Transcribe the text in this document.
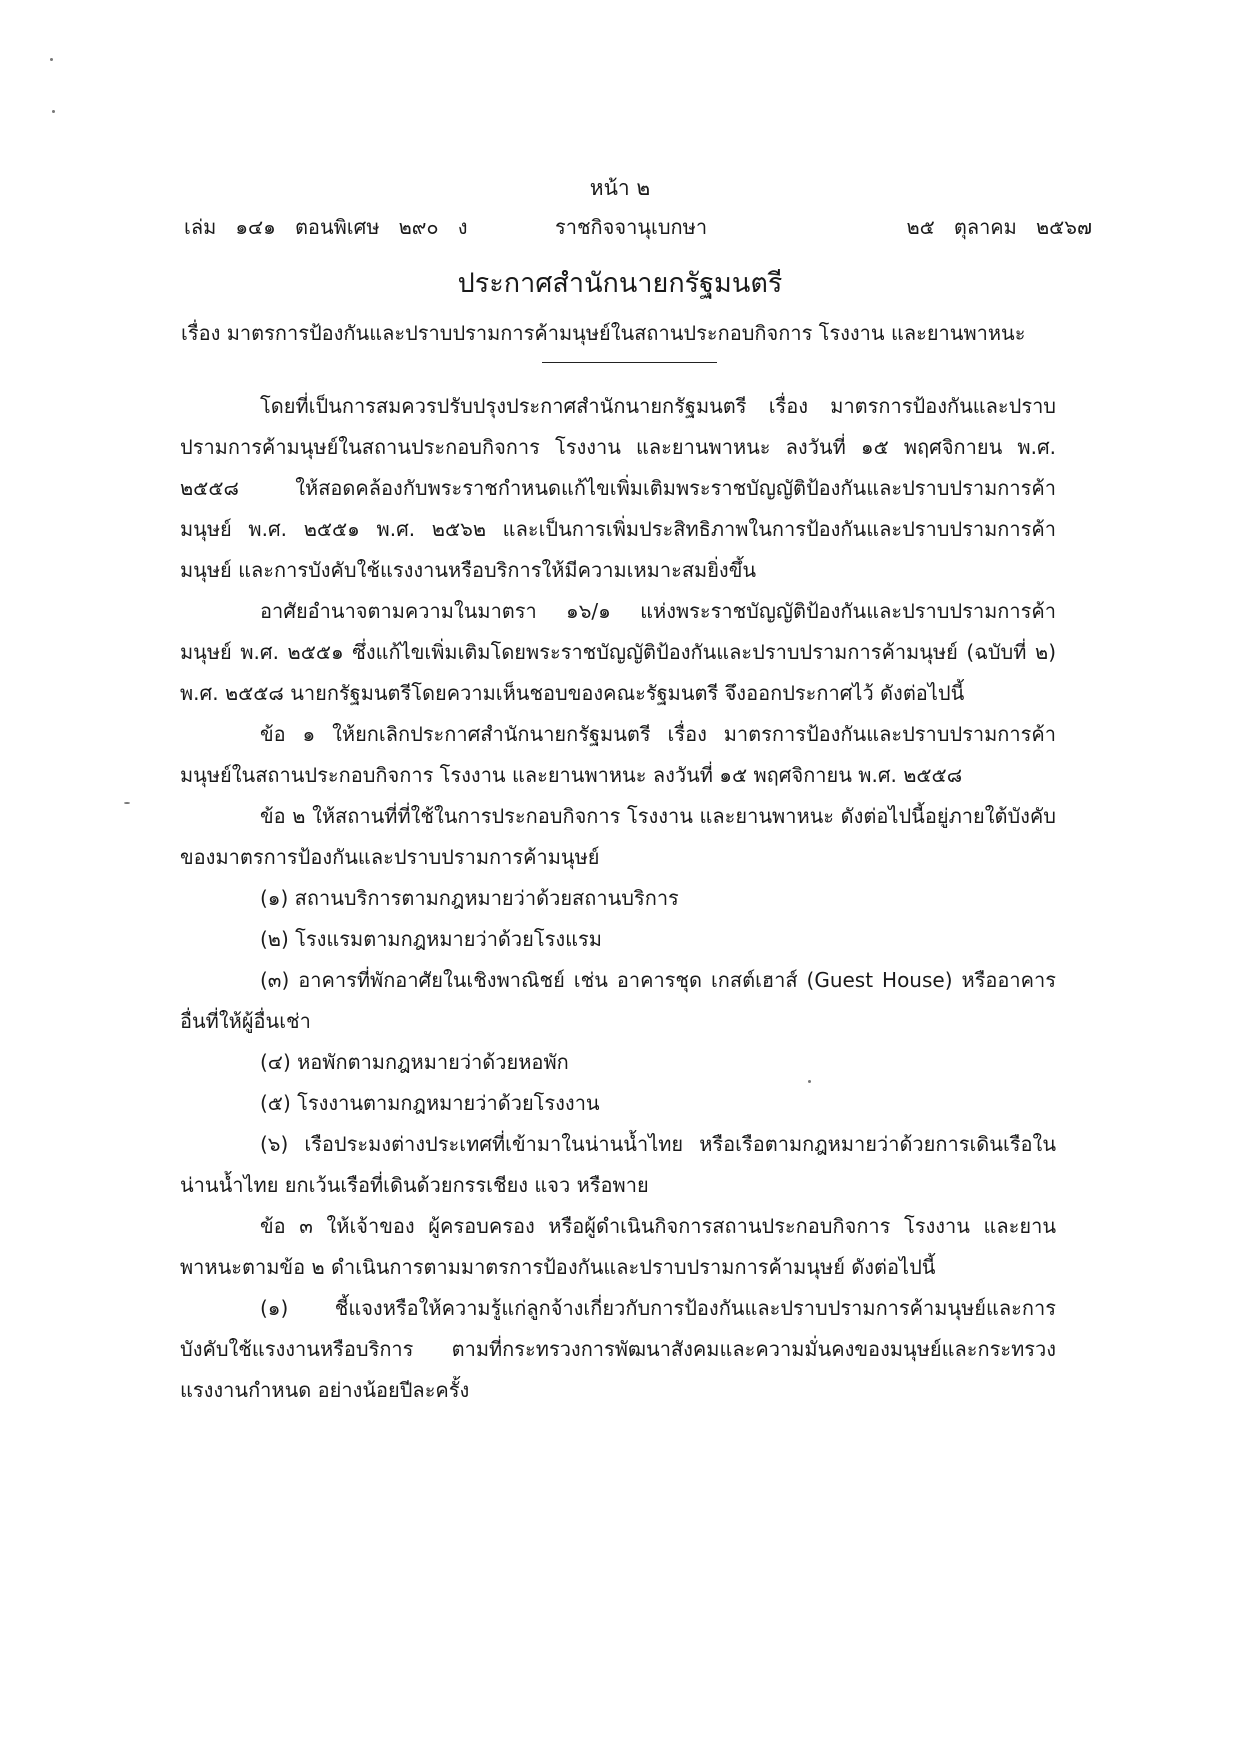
หน้า ๒
เล่ม   ๑๔๑   ตอนพิเศษ   ๒๙๐   ง	ราชกิจจานุเบกษา	๒๕   ตุลาคม   ๒๕๖๗
ประกาศสำนักนายกรัฐมนตรี
เรื่อง มาตรการป้องกันและปราบปรามการค้ามนุษย์ในสถานประกอบกิจการ โรงงาน และยานพาหนะ

โดยที่เป็นการสมควรปรับปรุงประกาศสำนักนายกรัฐมนตรี เรื่อง มาตรการป้องกันและปราบปรามการค้ามนุษย์ในสถานประกอบกิจการ โรงงาน และยานพาหนะ ลงวันที่ ๑๕ พฤศจิกายน พ.ศ. ๒๕๕๘ ให้สอดคล้องกับพระราชกำหนดแก้ไขเพิ่มเติมพระราชบัญญัติป้องกันและปราบปรามการค้ามนุษย์ พ.ศ. ๒๕๕๑ พ.ศ. ๒๕๖๒ และเป็นการเพิ่มประสิทธิภาพในการป้องกันและปราบปรามการค้ามนุษย์ และการบังคับใช้แรงงานหรือบริการให้มีความเหมาะสมยิ่งขึ้น

อาศัยอำนาจตามความในมาตรา ๑๖/๑ แห่งพระราชบัญญัติป้องกันและปราบปรามการค้ามนุษย์ พ.ศ. ๒๕๕๑ ซึ่งแก้ไขเพิ่มเติมโดยพระราชบัญญัติป้องกันและปราบปรามการค้ามนุษย์ (ฉบับที่ ๒) พ.ศ. ๒๕๕๘ นายกรัฐมนตรีโดยความเห็นชอบของคณะรัฐมนตรี จึงออกประกาศไว้ ดังต่อไปนี้

ข้อ ๑ ให้ยกเลิกประกาศสำนักนายกรัฐมนตรี เรื่อง มาตรการป้องกันและปราบปรามการค้ามนุษย์ในสถานประกอบกิจการ โรงงาน และยานพาหนะ ลงวันที่ ๑๕ พฤศจิกายน พ.ศ. ๒๕๕๘

ข้อ ๒ ให้สถานที่ที่ใช้ในการประกอบกิจการ โรงงาน และยานพาหนะ ดังต่อไปนี้อยู่ภายใต้บังคับของมาตรการป้องกันและปราบปรามการค้ามนุษย์

(๑) สถานบริการตามกฎหมายว่าด้วยสถานบริการ

(๒) โรงแรมตามกฎหมายว่าด้วยโรงแรม

(๓) อาคารที่พักอาศัยในเชิงพาณิชย์ เช่น อาคารชุด เกสต์เฮาส์ (Guest House) หรืออาคารอื่นที่ให้ผู้อื่นเช่า

(๔) หอพักตามกฎหมายว่าด้วยหอพัก

(๕) โรงงานตามกฎหมายว่าด้วยโรงงาน

(๖) เรือประมงต่างประเทศที่เข้ามาในน่านน้ำไทย หรือเรือตามกฎหมายว่าด้วยการเดินเรือในน่านน้ำไทย ยกเว้นเรือที่เดินด้วยกรรเชียง แจว หรือพาย

ข้อ ๓ ให้เจ้าของ ผู้ครอบครอง หรือผู้ดำเนินกิจการสถานประกอบกิจการ โรงงาน และยานพาหนะตามข้อ ๒ ดำเนินการตามมาตรการป้องกันและปราบปรามการค้ามนุษย์ ดังต่อไปนี้

(๑) ชี้แจงหรือให้ความรู้แก่ลูกจ้างเกี่ยวกับการป้องกันและปราบปรามการค้ามนุษย์และการบังคับใช้แรงงานหรือบริการ ตามที่กระทรวงการพัฒนาสังคมและความมั่นคงของมนุษย์และกระทรวงแรงงานกำหนด อย่างน้อยปีละครั้ง
